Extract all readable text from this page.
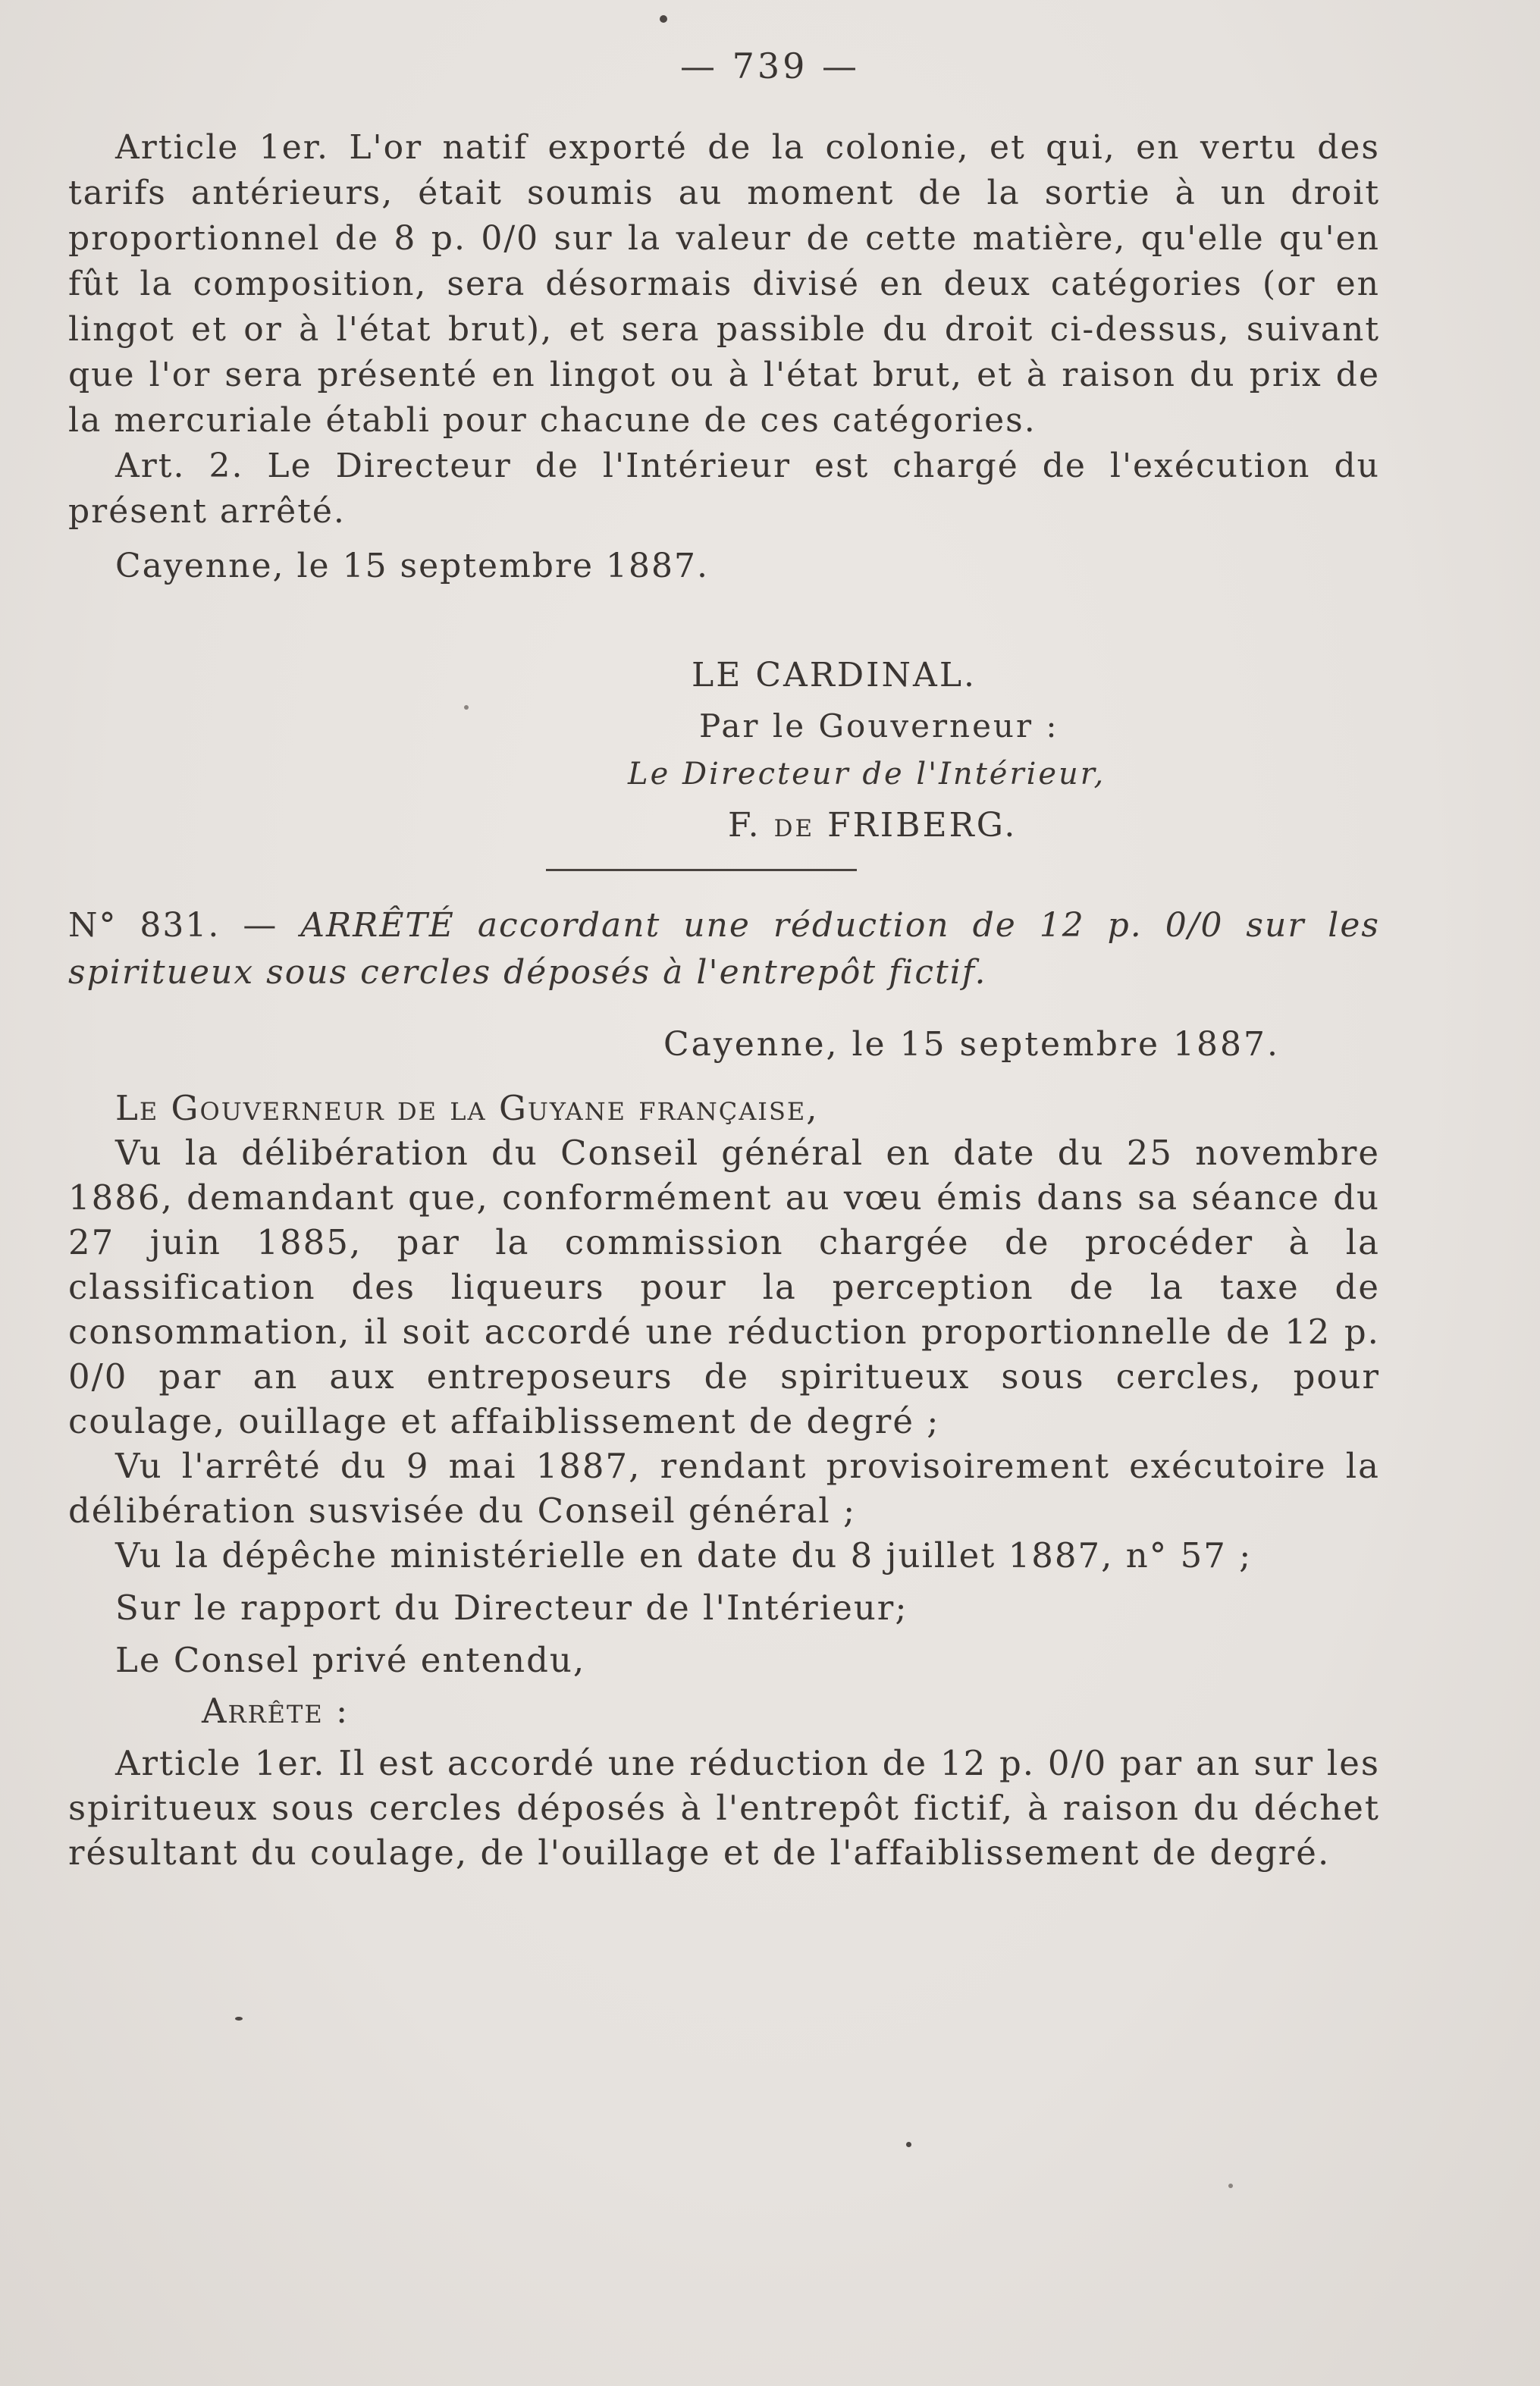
— 739 —

Article 1er. L'or natif exporté de la colonie, et qui, en vertu des tarifs antérieurs, était soumis au moment de la sortie à un droit proportionnel de 8 p. 0/0 sur la valeur de cette matière, qu'elle qu'en fût la composition, sera désormais divisé en deux catégories (or en lingot et or à l'état brut), et sera passible du droit ci-dessus, suivant que l'or sera présenté en lingot ou à l'état brut, et à raison du prix de la mercuriale établi pour chacune de ces catégories.

Art. 2. Le Directeur de l'Intérieur est chargé de l'exécution du présent arrêté.

Cayenne, le 15 septembre 1887.

LE CARDINAL.
Par le Gouverneur :
Le Directeur de l'Intérieur,
F. de FRIBERG.
N° 831. — ARRÊTÉ accordant une réduction de 12 p. 0/0 sur les spiritueux sous cercles déposés à l'entrepôt fictif.
Cayenne, le 15 septembre 1887.

Le Gouverneur de la Guyane française,

Vu la délibération du Conseil général en date du 25 novembre 1886, demandant que, conformément au vœu émis dans sa séance du 27 juin 1885, par la commission chargée de procéder à la classification des liqueurs pour la perception de la taxe de consommation, il soit accordé une réduction proportionnelle de 12 p. 0/0 par an aux entreposeurs de spiritueux sous cercles, pour coulage, ouillage et affaiblissement de degré ;

Vu l'arrêté du 9 mai 1887, rendant provisoirement exécutoire la délibération susvisée du Conseil général ;

Vu la dépêche ministérielle en date du 8 juillet 1887, n° 57 ;

Sur le rapport du Directeur de l'Intérieur;

Le Consel privé entendu,

Arrête :

Article 1er. Il est accordé une réduction de 12 p. 0/0 par an sur les spiritueux sous cercles déposés à l'entrepôt fictif, à raison du déchet résultant du coulage, de l'ouillage et de l'affaiblissement de degré.
